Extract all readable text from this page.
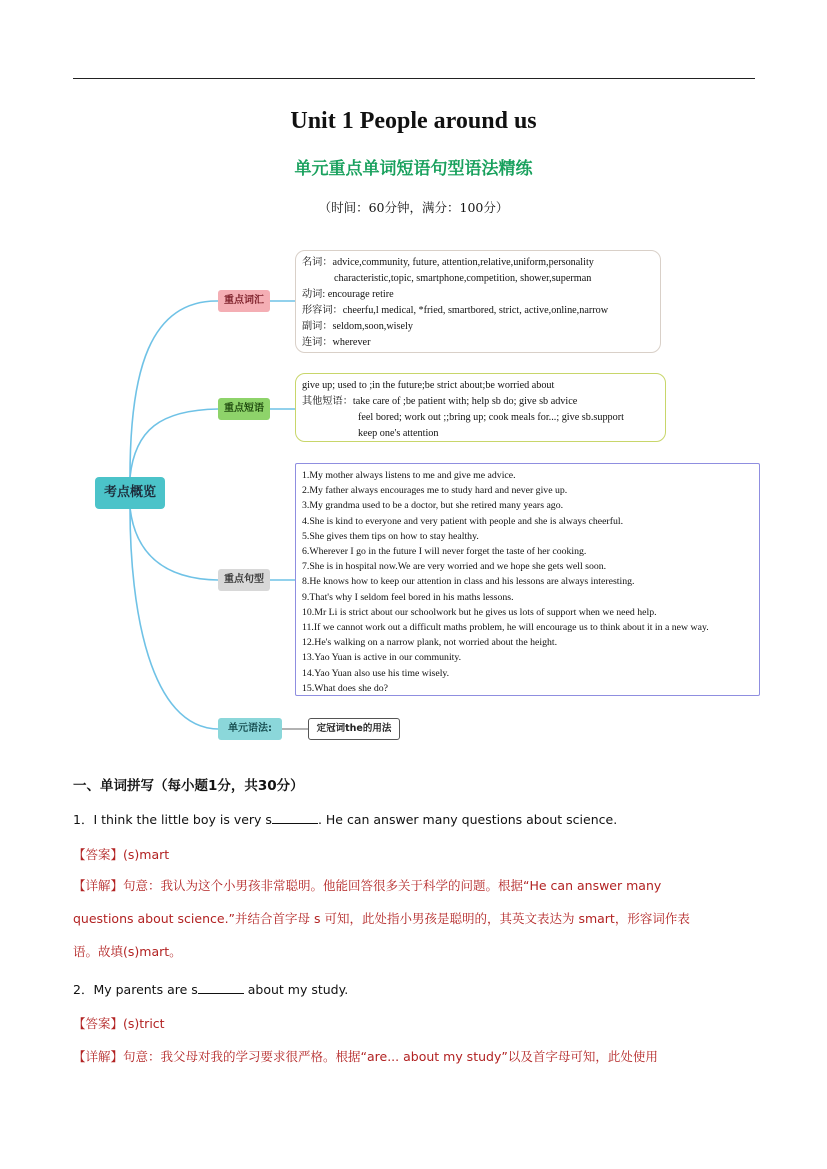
Unit 1 People around us
单元重点单词短语句型语法精练
（时间：60分钟，满分：100分）
考点概览
重点词汇
重点短语
重点句型
单元语法:	定冠词the的用法
名词：advice,community, future, attention,relative,uniform,personality
characteristic,topic, smartphone,competition, shower,superman
动词: encourage retire
形容词：cheerfu,l medical, *fried, smartbored, strict, active,online,narrow
副词：seldom,soon,wisely
连词：wherever
give up; used to ;in the future;be strict about;be worried about
其他短语：take care of ;be patient with; help sb do; give sb advice
feel bored; work out ;;bring up; cook meals for...; give sb.support
keep one's attention
1.My mother always listens to me and give me advice.
2.My father always encourages me to study hard and never give up.
3.My grandma used to be a doctor, but she retired many years ago.
4.She is kind to everyone and very patient with people and she is always cheerful.
5.She gives them tips on how to stay healthy.
6.Wherever I go in the future I will never forget the taste of her cooking.
7.She is in hospital now.We are very worried and we hope she gets well soon.
8.He knows how to keep our attention in class and his lessons are always interesting.
9.That's why I seldom feel bored in his maths lessons.
10.Mr Li is strict about our schoolwork but he gives us lots of support when we need help.
11.If we cannot work out a difficult maths problem, he will encourage us to think about it in a new way.
12.He's walking on a narrow plank, not worried about the height.
13.Yao Yuan is active in our community.
14.Yao Yuan also use his time wisely.
15.What does she do?
一、单词拼写（每小题1分，共30分）
1．I think the little boy is very s	. He can answer many questions about science.
【答案】(s)mart
【详解】句意：我认为这个小男孩非常聪明。他能回答很多关于科学的问题。根据“He can answer many
questions about science.”并结合首字母 s 可知，此处指小男孩是聪明的，其英文表达为 smart，形容词作表
语。故填(s)mart。
2．My parents are s	about my study.
【答案】(s)trict
【详解】句意：我父母对我的学习要求很严格。根据“are... about my study”以及首字母可知，此处使用
